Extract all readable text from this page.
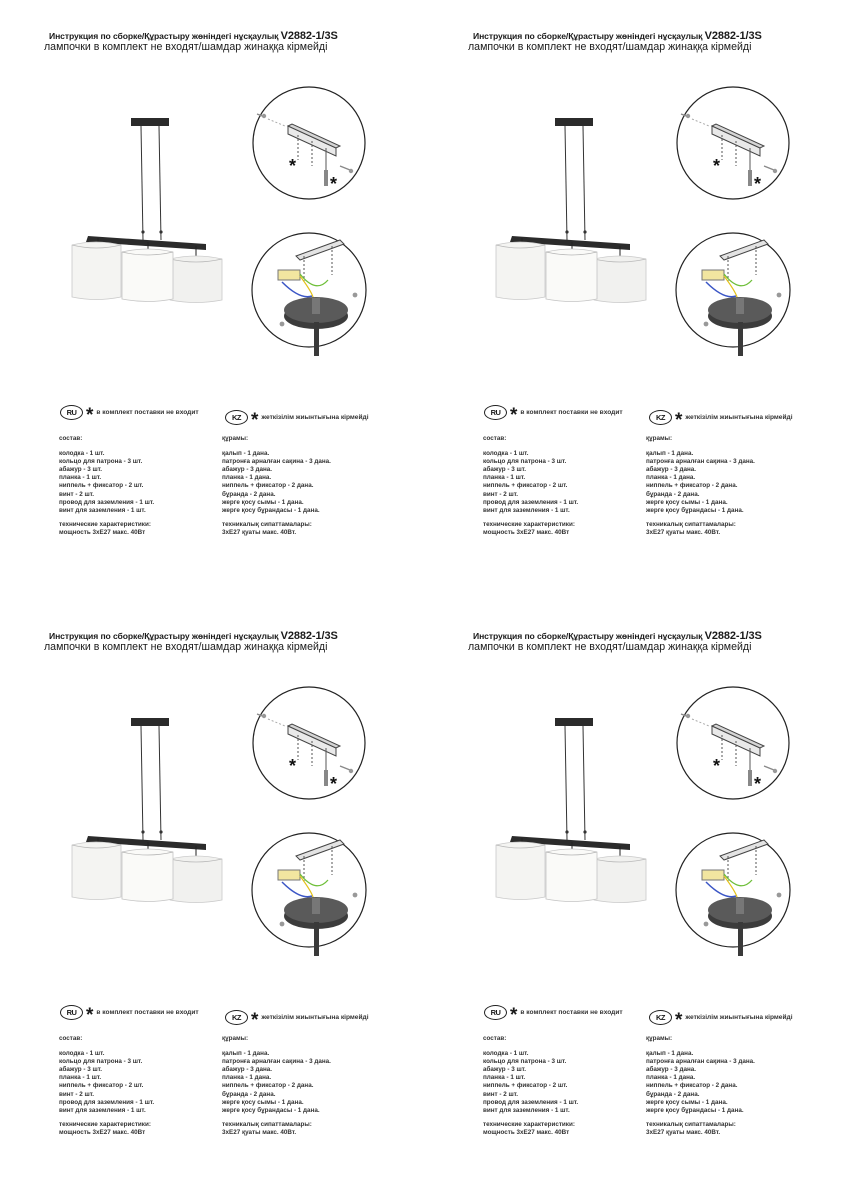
Инструкция по сборке/Құрастыру жөніндегі нұсқаулық V2882-1/3S
лампочки в комплект не входят/шамдар жинаққа кірмейді
*
*
RU * в комплект поставки не входит
KZ * жеткізілім жиынтығына кірмейді
состав:
колодка - 1 шт.
кольцо для патрона - 3 шт.
абажур - 3 шт.
планка - 1 шт.
ниппель + фиксатор - 2 шт.
винт - 2 шт.
провод для заземления - 1 шт.
винт для заземления - 1 шт.
технические характеристики:
мощность 3xE27 макс. 40Вт
құрамы:
қалып - 1 дана.
патронға арналған сақина - 3 дана.
абажур - 3 дана.
планка - 1 дана.
ниппель + фиксатор - 2 дана.
бұранда - 2 дана.
жерге қосу сымы - 1 дана.
жерге қосу бұрандасы - 1 дана.
техникалық сипаттамалары:
3хЕ27 қуаты макс. 40Вт.
Инструкция по сборке/Құрастыру жөніндегі нұсқаулық V2882-1/3S
лампочки в комплект не входят/шамдар жинаққа кірмейді
*
*
RU * в комплект поставки не входит
KZ * жеткізілім жиынтығына кірмейді
состав:
колодка - 1 шт.
кольцо для патрона - 3 шт.
абажур - 3 шт.
планка - 1 шт.
ниппель + фиксатор - 2 шт.
винт - 2 шт.
провод для заземления - 1 шт.
винт для заземления - 1 шт.
технические характеристики:
мощность 3xE27 макс. 40Вт
құрамы:
қалып - 1 дана.
патронға арналған сақина - 3 дана.
абажур - 3 дана.
планка - 1 дана.
ниппель + фиксатор - 2 дана.
бұранда - 2 дана.
жерге қосу сымы - 1 дана.
жерге қосу бұрандасы - 1 дана.
техникалық сипаттамалары:
3хЕ27 қуаты макс. 40Вт.
Инструкция по сборке/Құрастыру жөніндегі нұсқаулық V2882-1/3S
лампочки в комплект не входят/шамдар жинаққа кірмейді
*
*
RU * в комплект поставки не входит
KZ * жеткізілім жиынтығына кірмейді
состав:
колодка - 1 шт.
кольцо для патрона - 3 шт.
абажур - 3 шт.
планка - 1 шт.
ниппель + фиксатор - 2 шт.
винт - 2 шт.
провод для заземления - 1 шт.
винт для заземления - 1 шт.
технические характеристики:
мощность 3xE27 макс. 40Вт
құрамы:
қалып - 1 дана.
патронға арналған сақина - 3 дана.
абажур - 3 дана.
планка - 1 дана.
ниппель + фиксатор - 2 дана.
бұранда - 2 дана.
жерге қосу сымы - 1 дана.
жерге қосу бұрандасы - 1 дана.
техникалық сипаттамалары:
3хЕ27 қуаты макс. 40Вт.
Инструкция по сборке/Құрастыру жөніндегі нұсқаулық V2882-1/3S
лампочки в комплект не входят/шамдар жинаққа кірмейді
*
*
RU * в комплект поставки не входит
KZ * жеткізілім жиынтығына кірмейді
состав:
колодка - 1 шт.
кольцо для патрона - 3 шт.
абажур - 3 шт.
планка - 1 шт.
ниппель + фиксатор - 2 шт.
винт - 2 шт.
провод для заземления - 1 шт.
винт для заземления - 1 шт.
технические характеристики:
мощность 3xE27 макс. 40Вт
құрамы:
қалып - 1 дана.
патронға арналған сақина - 3 дана.
абажур - 3 дана.
планка - 1 дана.
ниппель + фиксатор - 2 дана.
бұранда - 2 дана.
жерге қосу сымы - 1 дана.
жерге қосу бұрандасы - 1 дана.
техникалық сипаттамалары:
3хЕ27 қуаты макс. 40Вт.
